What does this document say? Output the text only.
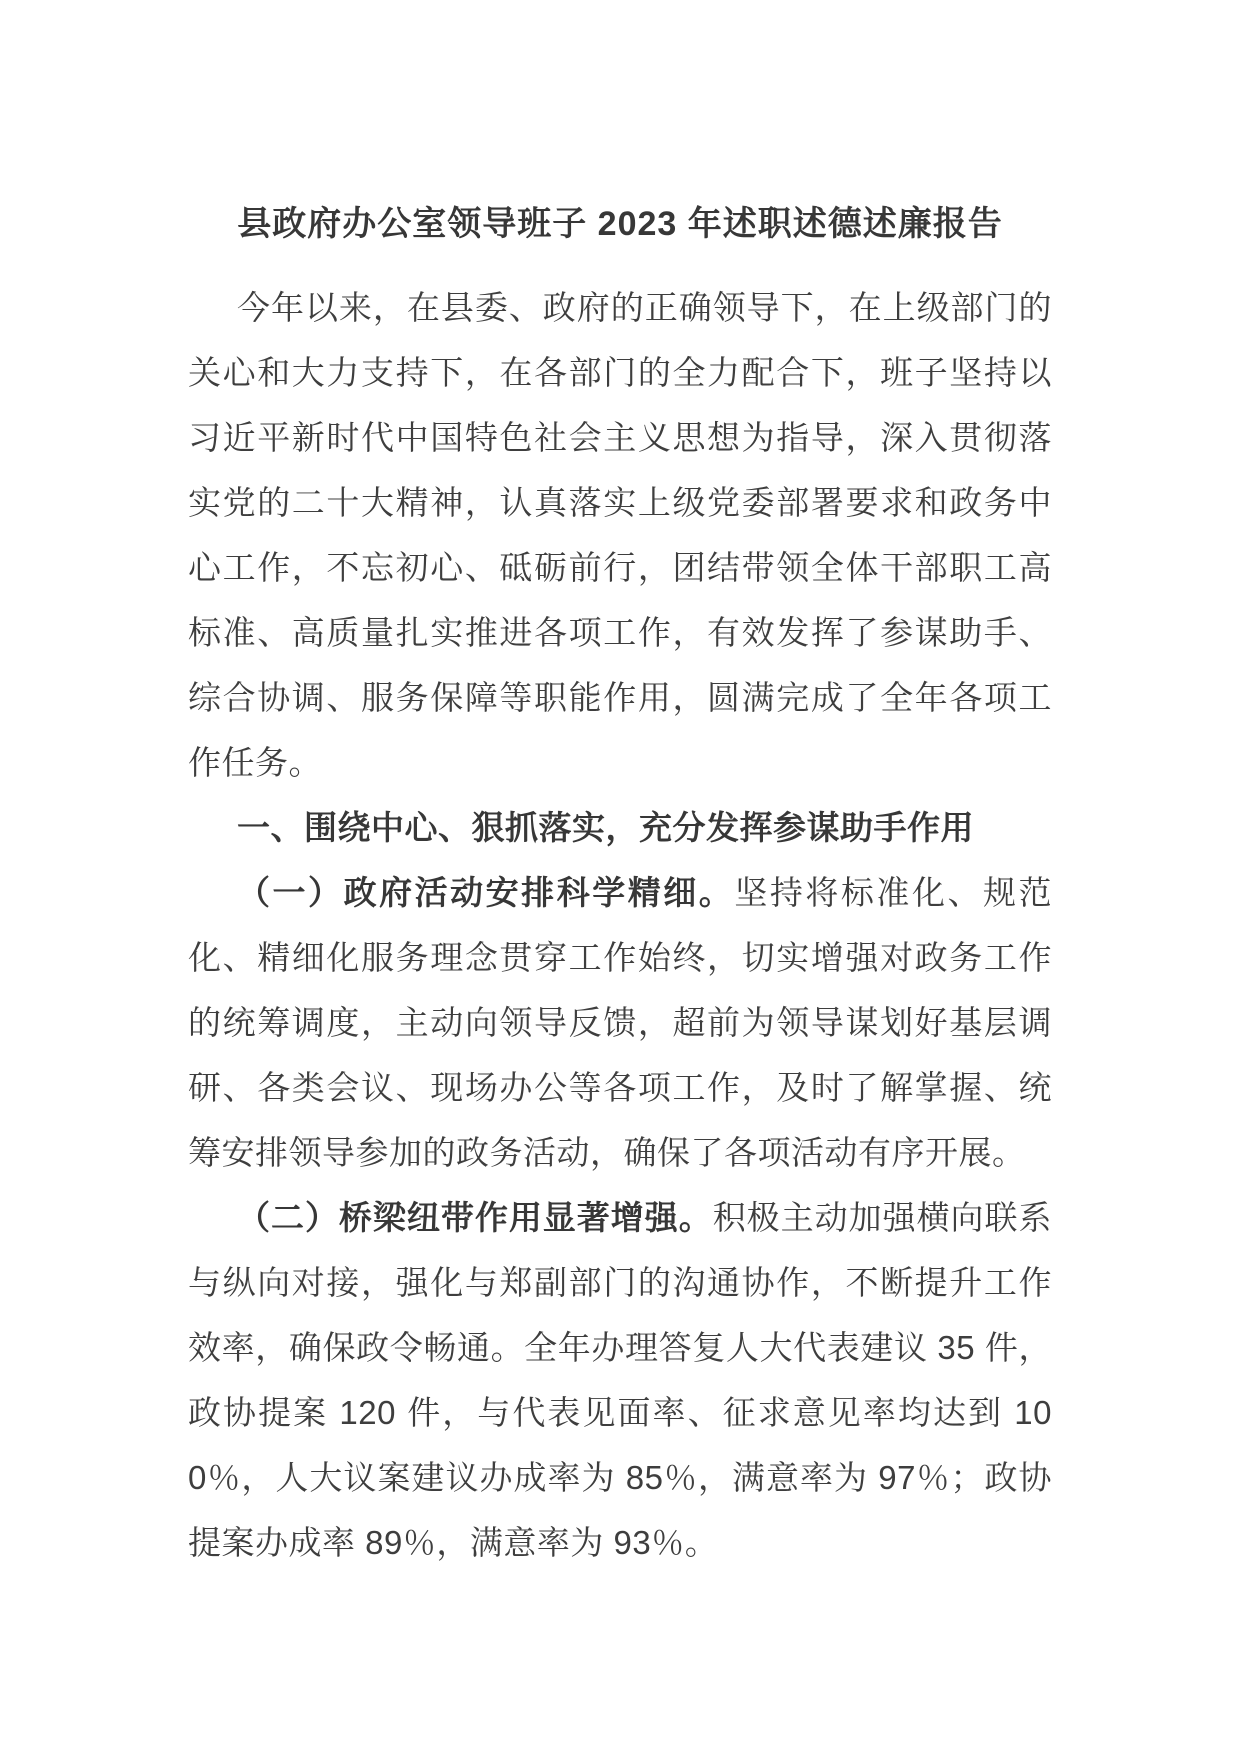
县政府办公室领导班子 2023 年述职述德述廉报告

今年以来，在县委、政府的正确领导下，在上级部门的关心和大力支持下，在各部门的全力配合下，班子坚持以习近平新时代中国特色社会主义思想为指导，深入贯彻落实党的二十大精神，认真落实上级党委部署要求和政务中心工作，不忘初心、砥砺前行，团结带领全体干部职工高标准、高质量扎实推进各项工作，有效发挥了参谋助手、综合协调、服务保障等职能作用，圆满完成了全年各项工作任务。

一、围绕中心、狠抓落实，充分发挥参谋助手作用

（一）政府活动安排科学精细。坚持将标准化、规范化、精细化服务理念贯穿工作始终，切实增强对政务工作的统筹调度，主动向领导反馈，超前为领导谋划好基层调研、各类会议、现场办公等各项工作，及时了解掌握、统筹安排领导参加的政务活动，确保了各项活动有序开展。

（二）桥梁纽带作用显著增强。积极主动加强横向联系与纵向对接，强化与郑副部门的沟通协作，不断提升工作效率，确保政令畅通。全年办理答复人大代表建议 35 件，政协提案 120 件，与代表见面率、征求意见率均达到 100％，人大议案建议办成率为 85％，满意率为 97％；政协提案办成率 89％，满意率为 93％。
